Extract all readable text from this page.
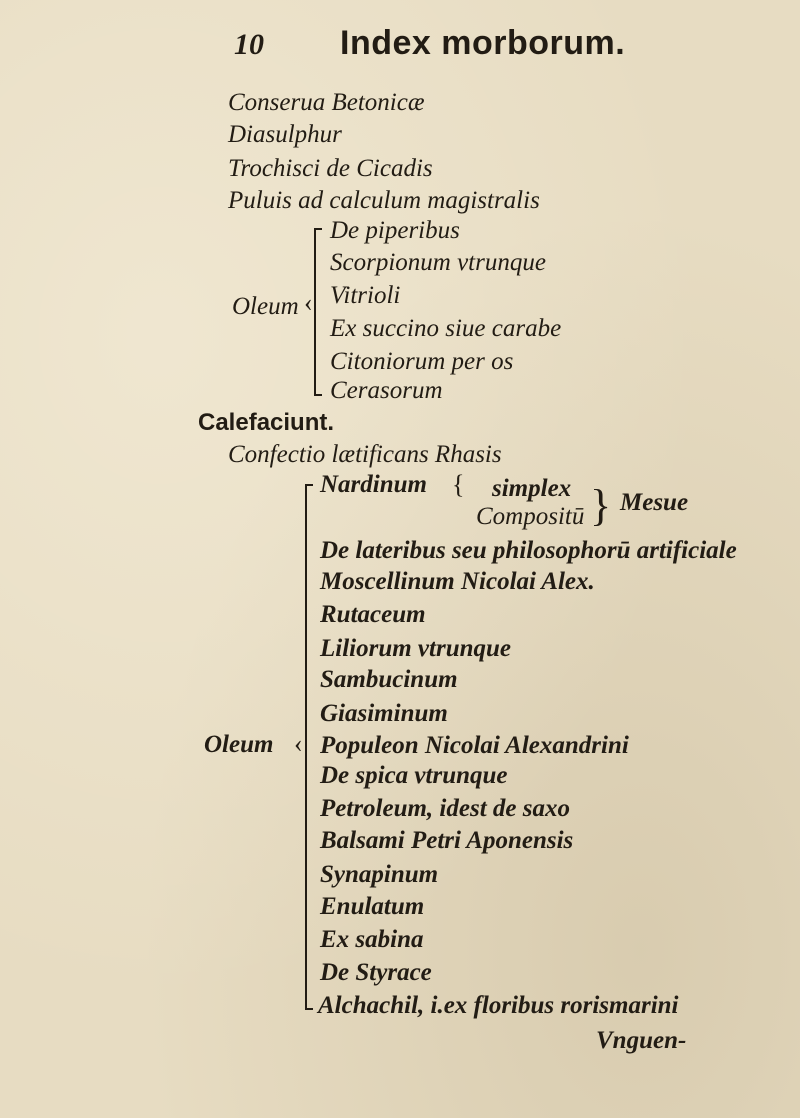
10 Index morborum.
Conserua Betonicæ
Diasulphur
Trochisci de Cicadis
Puluis ad calculum magistralis
Oleum ‹
De piperibus
Scorpionum vtrunque
Vitrioli
Ex succino siue carabe
Citoniorum per os
Cerasorum
Calefaciunt.
Confectio lætificans Rhasis
‹
Oleum
Nardinum { simplex
Compositū } Mesue
De lateribus seu philosophorū artificiale
Moscellinum Nicolai Alex.
Rutaceum
Liliorum vtrunque
Sambucinum
Giasiminum
Populeon Nicolai Alexandrini
De spica vtrunque
Petroleum, idest de saxo
Balsami Petri Aponensis
Synapinum
Enulatum
Ex sabina
De Styrace
Alchachil, i.ex floribus rorismarini
Vnguen-
